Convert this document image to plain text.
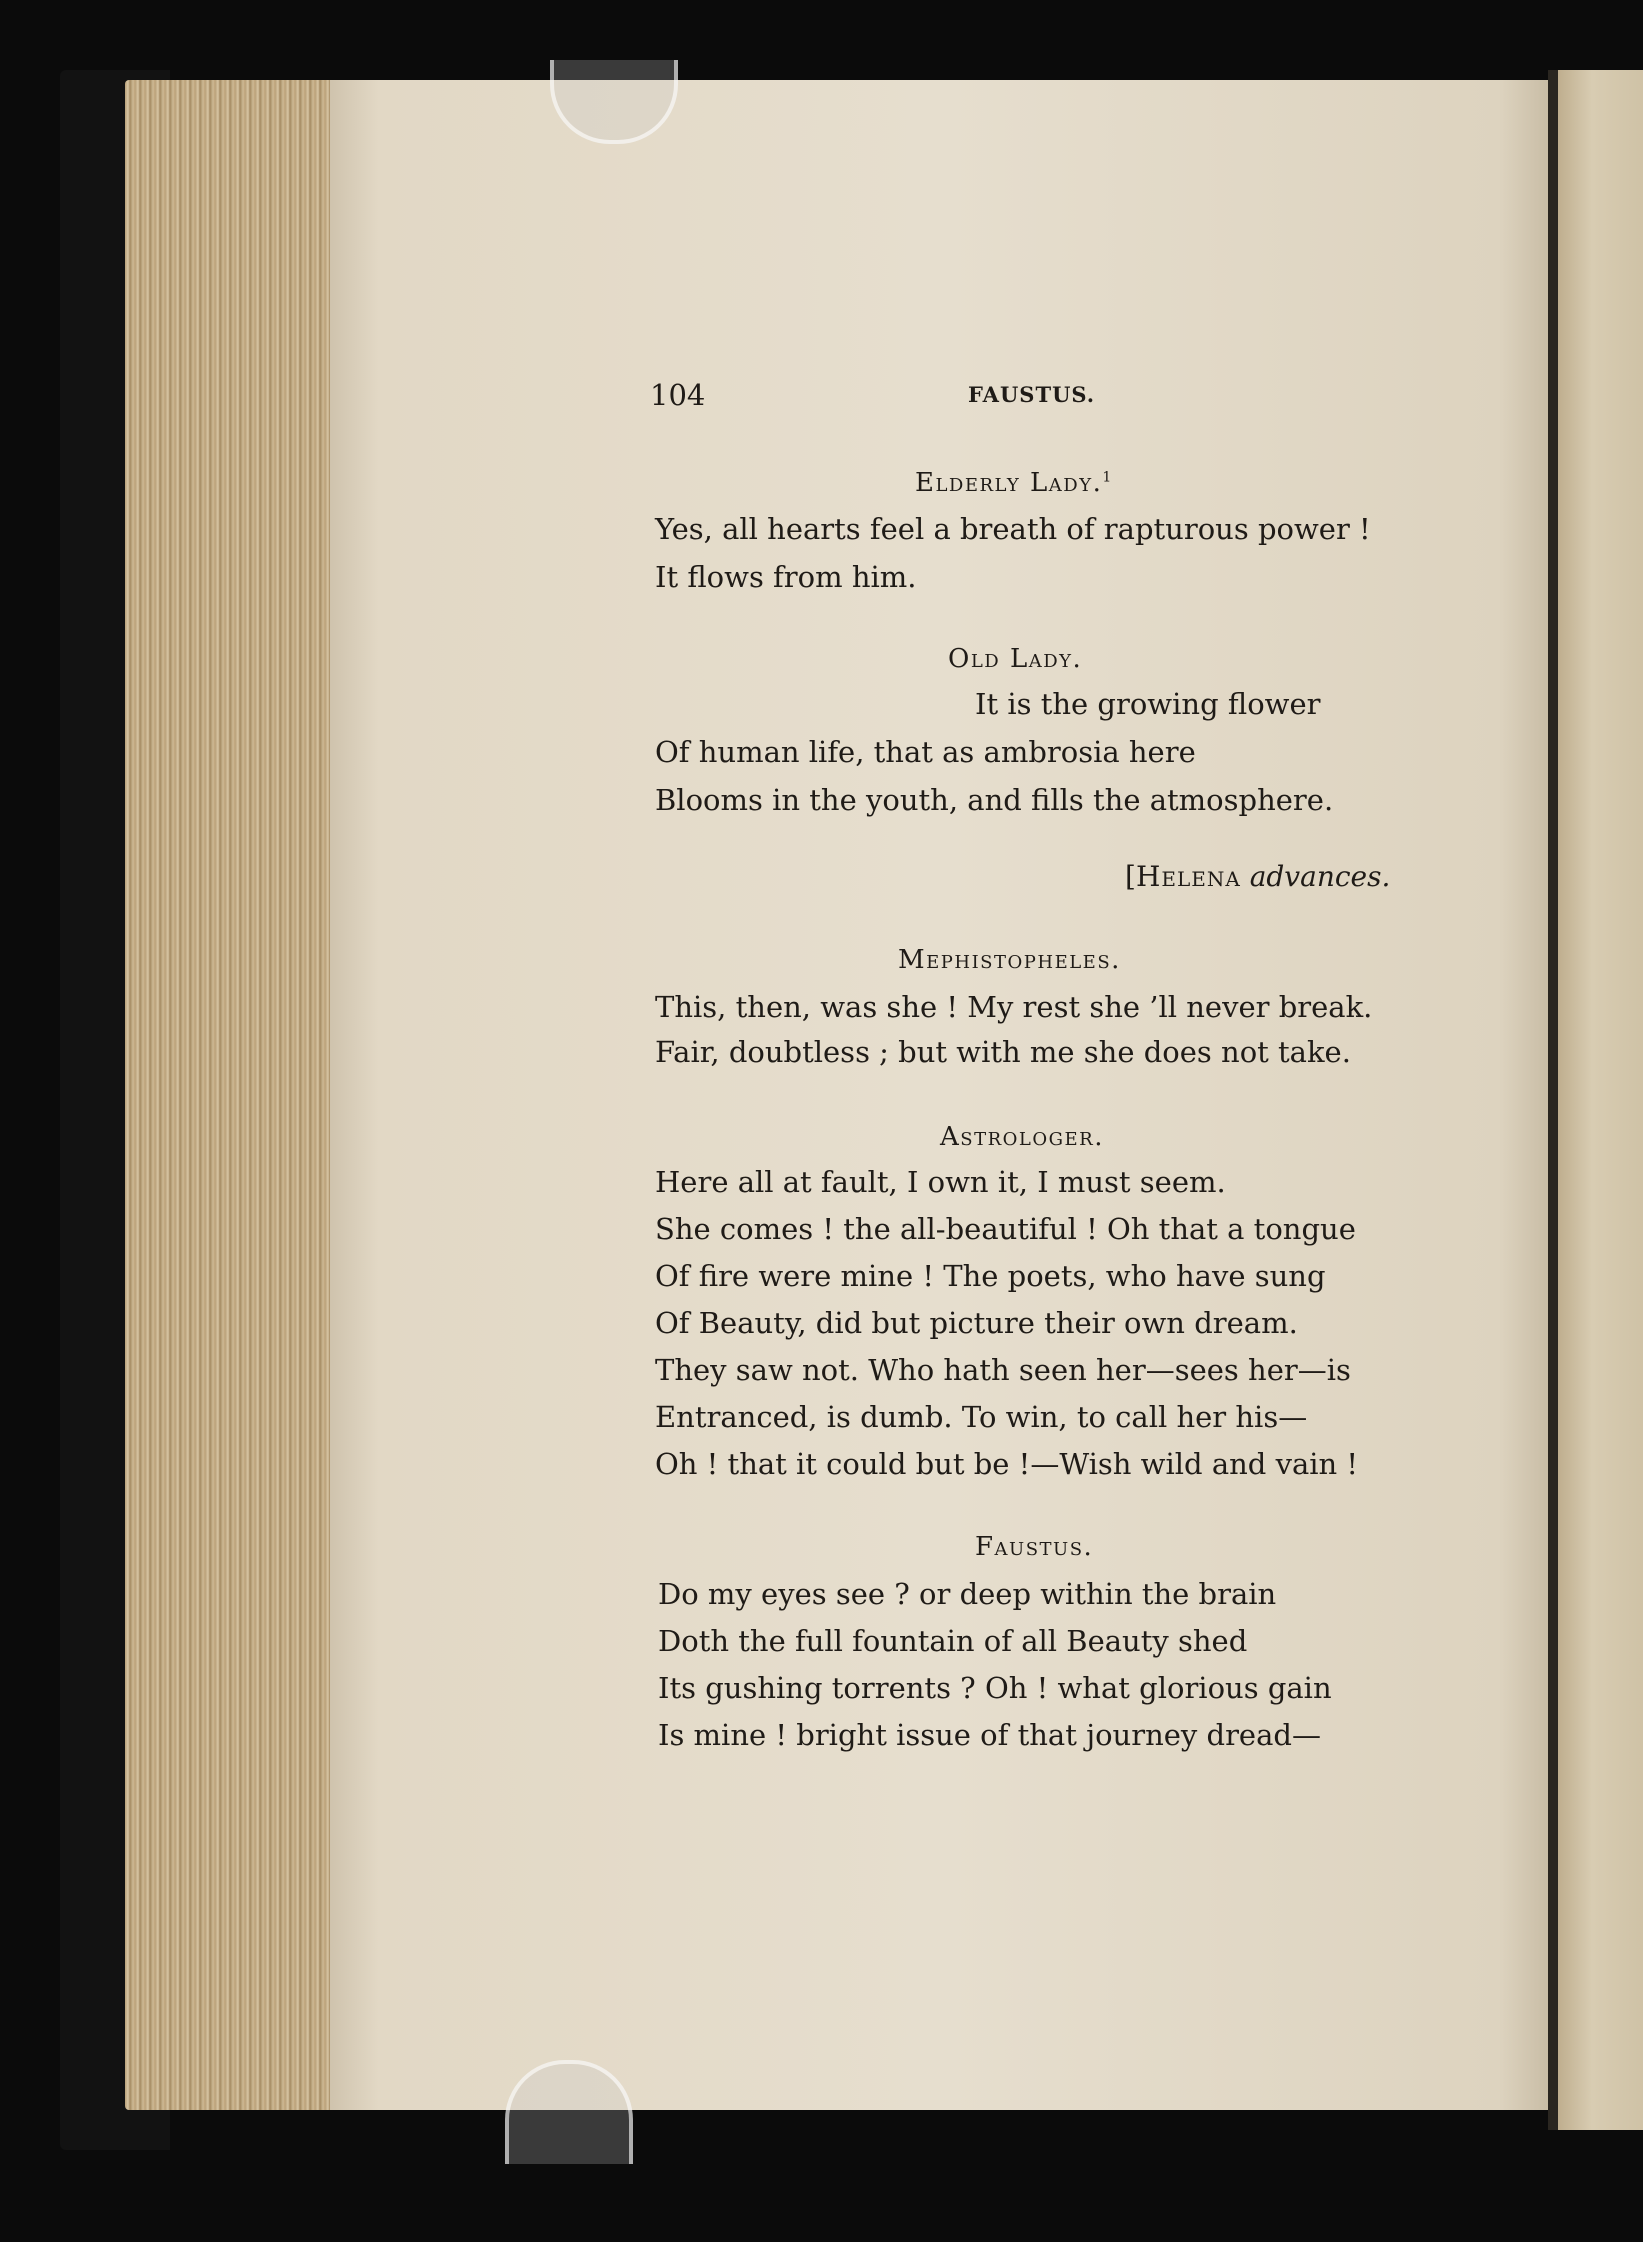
104	FAUSTUS.
Elderly Lady.$^1$
Yes, all hearts feel a breath of rapturous power !
It flows from him.
Old Lady.
It is the growing flower
Of human life, that as ambrosia here
Blooms in the youth, and fills the atmosphere.
[Helena advances.
Mephistopheles.
This, then, was she ! My rest she ’ll never break.
Fair, doubtless ; but with me she does not take.
Astrologer.
Here all at fault, I own it, I must seem.
She comes ! the all-beautiful ! Oh that a tongue
Of fire were mine ! The poets, who have sung
Of Beauty, did but picture their own dream.
They saw not. Who hath seen her—sees her—is
Entranced, is dumb. To win, to call her his—
Oh ! that it could but be !—Wish wild and vain !
Faustus.
Do my eyes see ? or deep within the brain
Doth the full fountain of all Beauty shed
Its gushing torrents ? Oh ! what glorious gain
Is mine ! bright issue of that journey dread—
